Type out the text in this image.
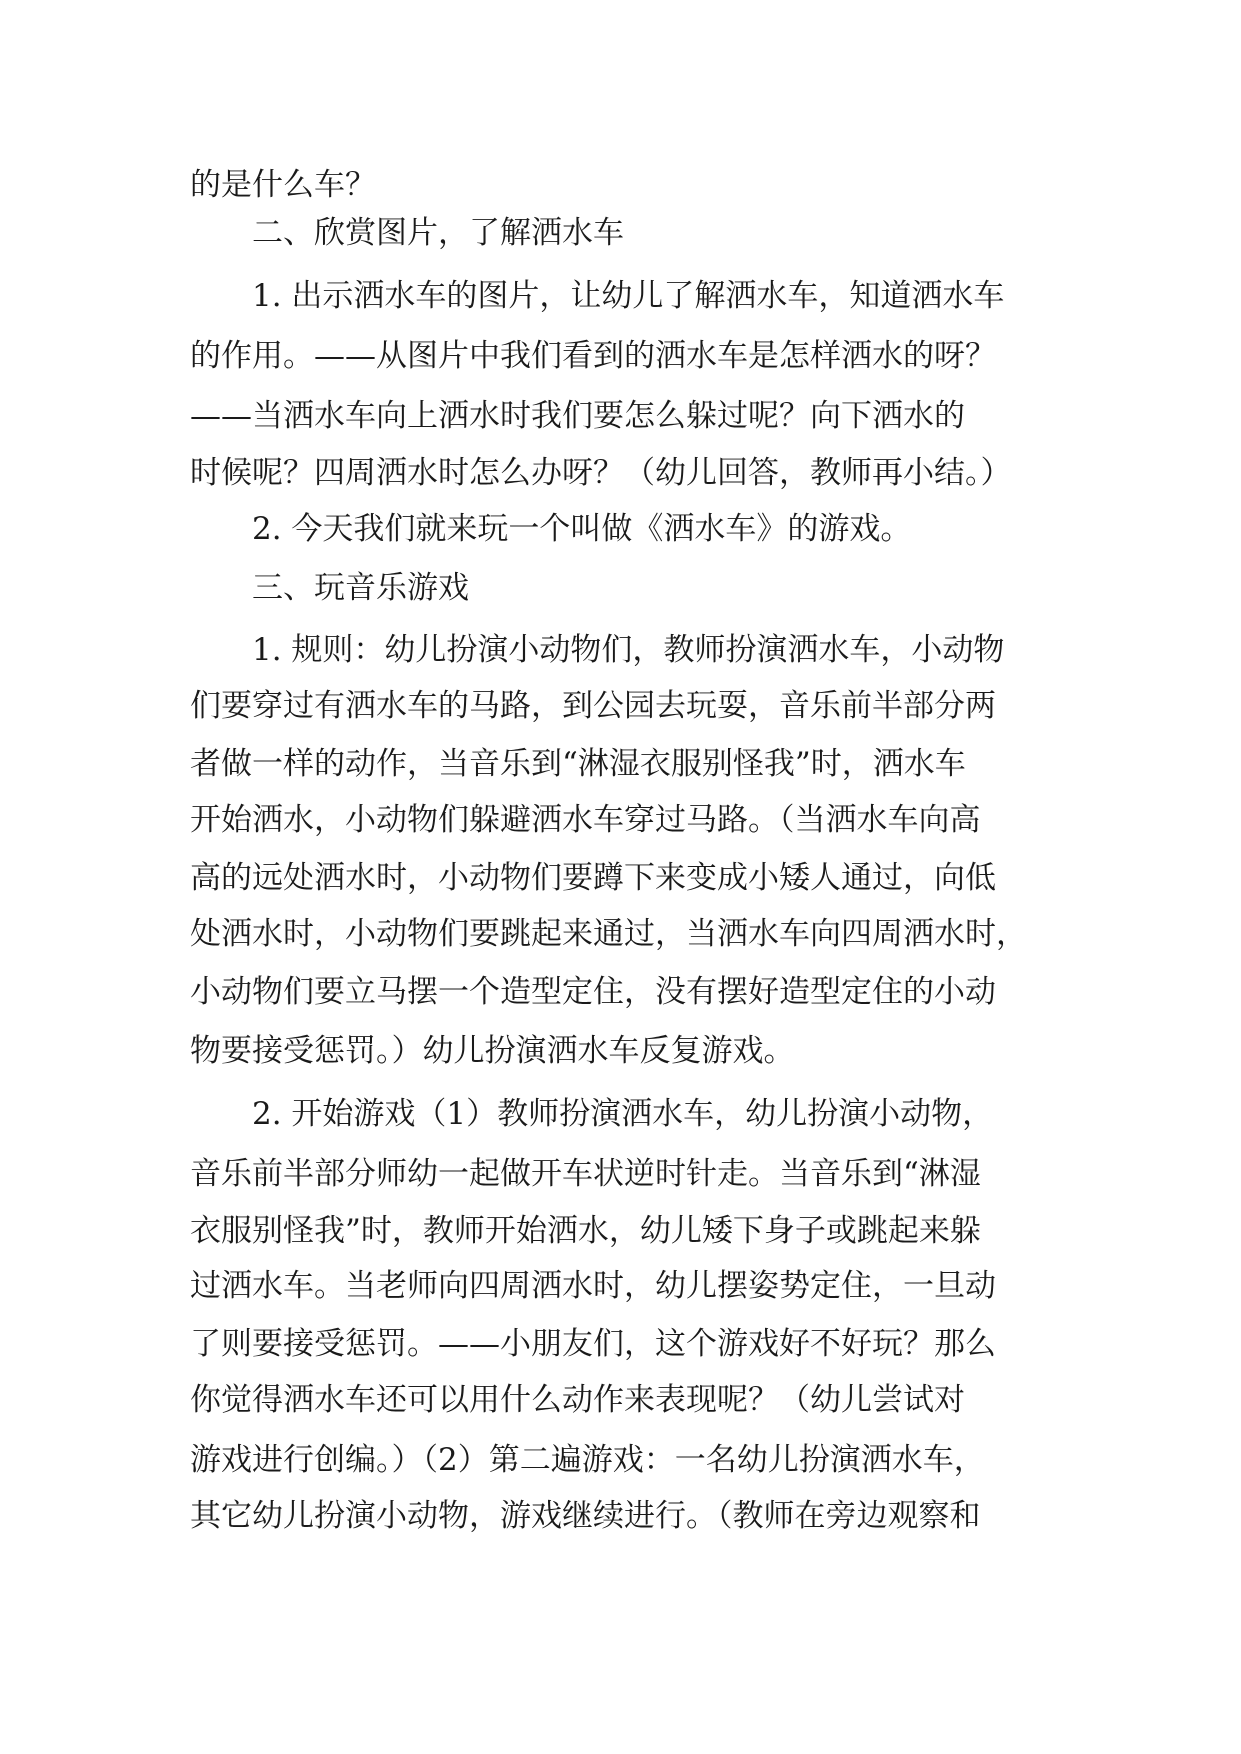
的是什么车？
二、欣赏图片，了解洒水车
1. 出示洒水车的图片，让幼儿了解洒水车，知道洒水车
的作用。——从图片中我们看到的洒水车是怎样洒水的呀？
——当洒水车向上洒水时我们要怎么躲过呢？向下洒水的
时候呢？四周洒水时怎么办呀？（幼儿回答，教师再小结。）
2. 今天我们就来玩一个叫做《洒水车》的游戏。
三、玩音乐游戏
1. 规则：幼儿扮演小动物们，教师扮演洒水车，小动物
们要穿过有洒水车的马路，到公园去玩耍，音乐前半部分两
者做一样的动作，当音乐到“淋湿衣服别怪我”时，洒水车
开始洒水，小动物们躲避洒水车穿过马路。（当洒水车向高
高的远处洒水时，小动物们要蹲下来变成小矮人通过，向低
处洒水时，小动物们要跳起来通过，当洒水车向四周洒水时，
小动物们要立马摆一个造型定住，没有摆好造型定住的小动
物要接受惩罚。）幼儿扮演洒水车反复游戏。
2. 开始游戏（1）教师扮演洒水车，幼儿扮演小动物，
音乐前半部分师幼一起做开车状逆时针走。当音乐到“淋湿
衣服别怪我”时，教师开始洒水，幼儿矮下身子或跳起来躲
过洒水车。当老师向四周洒水时，幼儿摆姿势定住，一旦动
了则要接受惩罚。——小朋友们，这个游戏好不好玩？那么
你觉得洒水车还可以用什么动作来表现呢？（幼儿尝试对
游戏进行创编。）（2）第二遍游戏：一名幼儿扮演洒水车，
其它幼儿扮演小动物，游戏继续进行。（教师在旁边观察和
